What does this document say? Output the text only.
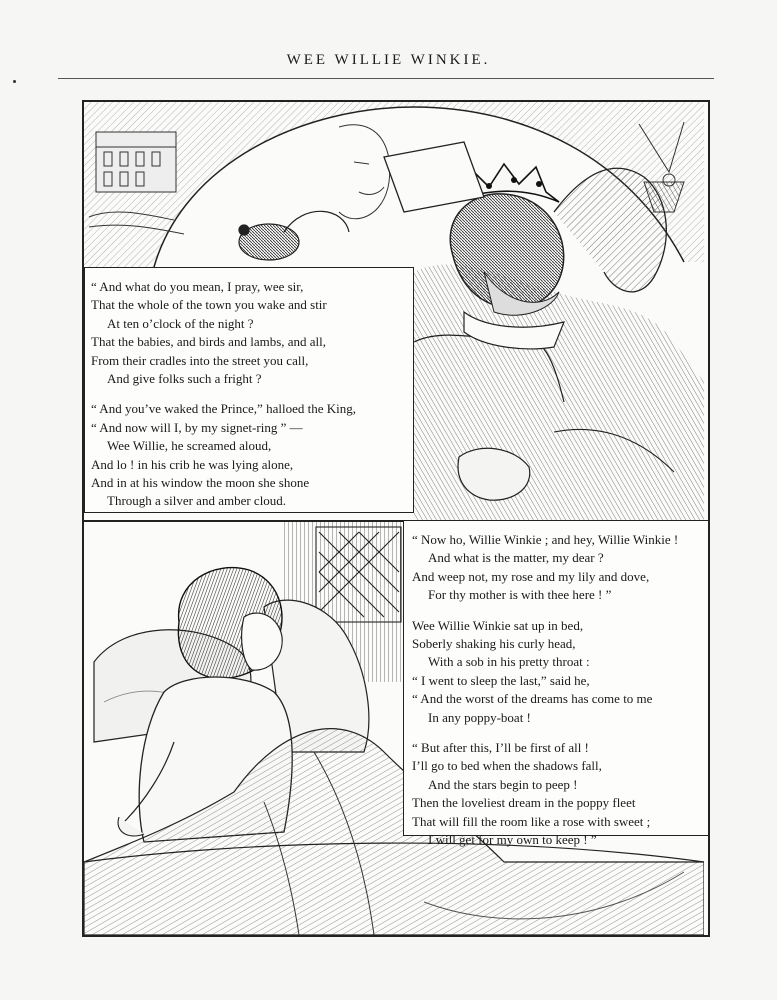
WEE WILLIE WINKIE.
“ And what do you mean, I pray, wee sir,
That the whole of the town you wake and stir
At ten o’clock of the night ?
That the babies, and birds and lambs, and all,
From their cradles into the street you call,
And give folks such a fright ?
“ And you’ve waked the Prince,” halloed the King,
“ And now will I, by my signet-ring ” —
Wee Willie, he screamed aloud,
And lo ! in his crib he was lying alone,
And in at his window the moon she shone
Through a silver and amber cloud.
“ Now ho, Willie Winkie ; and hey, Willie Winkie !
And what is the matter, my dear ?
And weep not, my rose and my lily and dove,
For thy mother is with thee here ! ”
Wee Willie Winkie sat up in bed,
Soberly shaking his curly head,
With a sob in his pretty throat :
“ I went to sleep the last,” said he,
“ And the worst of the dreams has come to me
In any poppy-boat !
“ But after this, I’ll be first of all !
I’ll go to bed when the shadows fall,
And the stars begin to peep !
Then the loveliest dream in the poppy fleet
That will fill the room like a rose with sweet ;
I will get for my own to keep ! ”
